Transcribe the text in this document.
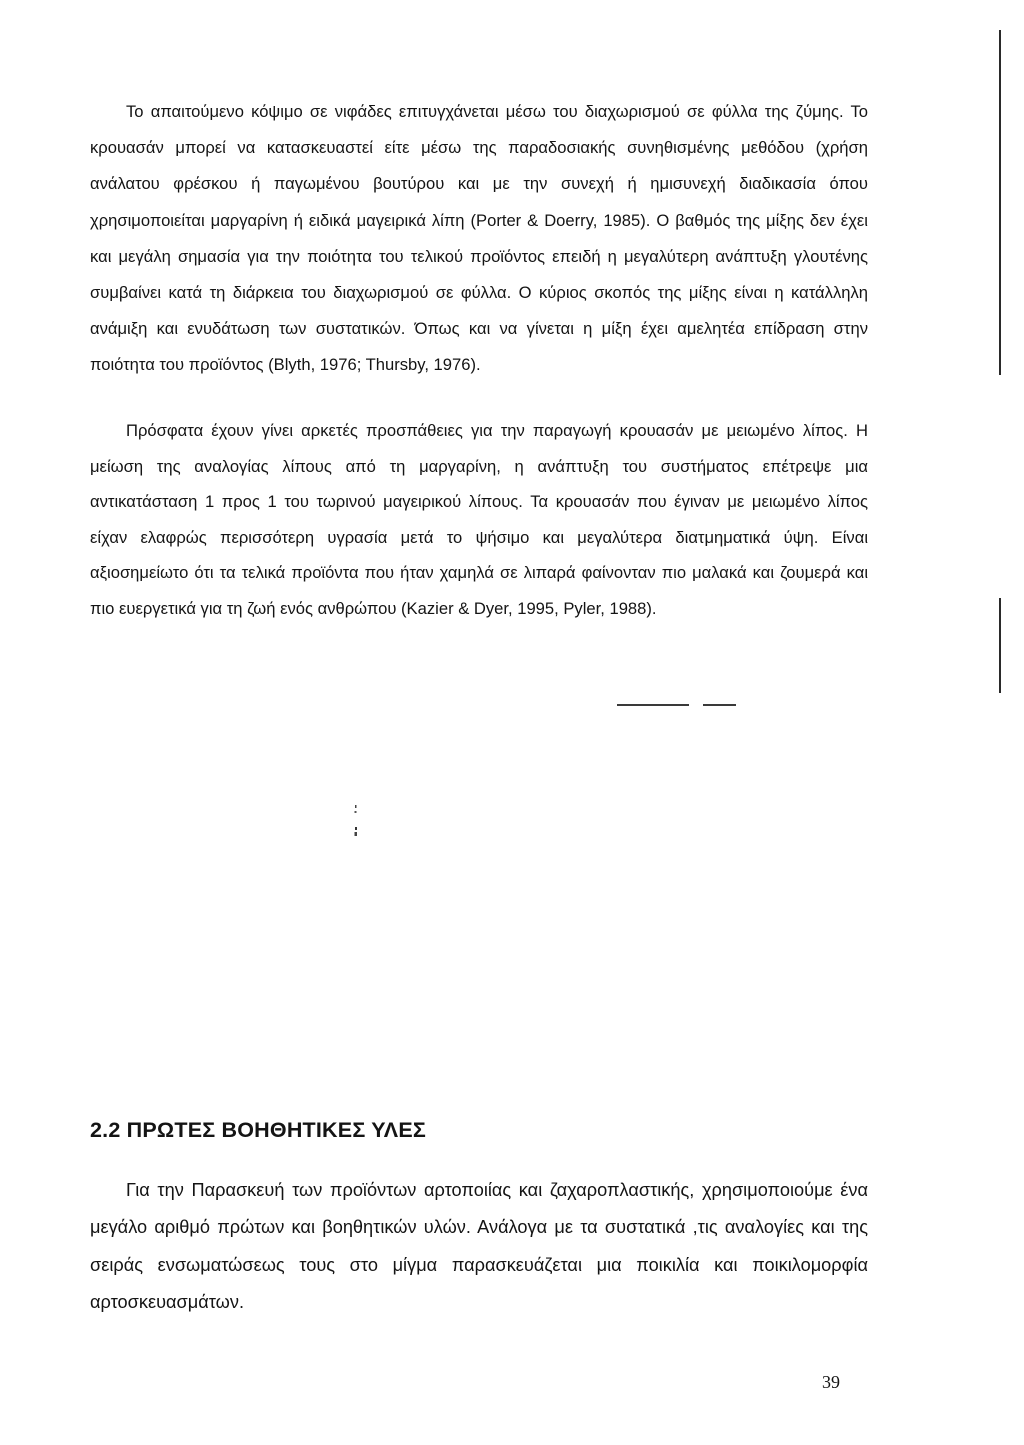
Το απαιτούμενο κόψιμο σε νιφάδες επιτυγχάνεται μέσω του διαχωρισμού σε φύλλα της ζύμης. Το κρουασάν μπορεί να κατασκευαστεί είτε μέσω της παραδοσιακής συνηθισμένης μεθόδου (χρήση ανάλατου φρέσκου ή παγωμένου βουτύρου και με την συνεχή ή ημισυνεχή διαδικασία όπου χρησιμοποιείται μαργαρίνη ή ειδικά μαγειρικά λίπη (Porter & Doerry, 1985). Ο βαθμός της μίξης δεν έχει και μεγάλη σημασία για την ποιότητα του τελικού προϊόντος επειδή η μεγαλύτερη ανάπτυξη γλουτένης συμβαίνει κατά τη διάρκεια του διαχωρισμού σε φύλλα. Ο κύριος σκοπός της μίξης είναι η κατάλληλη ανάμιξη και ενυδάτωση των συστατικών. Όπως και να γίνεται η μίξη έχει αμελητέα επίδραση στην ποιότητα του προϊόντος (Blyth, 1976; Thursby, 1976).

Πρόσφατα έχουν γίνει αρκετές προσπάθειες για την παραγωγή κρουασάν με μειωμένο λίπος. Η μείωση της αναλογίας λίπους από τη μαργαρίνη, η ανάπτυξη του συστήματος επέτρεψε μια αντικατάσταση 1 προς 1 του τωρινού μαγειρικού λίπους. Τα κρουασάν που έγιναν με μειωμένο λίπος είχαν ελαφρώς περισσότερη υγρασία μετά το ψήσιμο και μεγαλύτερα διατμηματικά ύψη. Είναι αξιοσημείωτο ότι τα τελικά προϊόντα που ήταν χαμηλά σε λιπαρά φαίνονταν πιο μαλακά και ζουμερά και πιο ευεργετικά για τη ζωή ενός ανθρώπου (Kazier & Dyer, 1995, Pyler, 1988).

2.2 ΠΡΩΤΕΣ ΒΟΗΘΗΤΙΚΕΣ ΥΛΕΣ

Για την Παρασκευή των προϊόντων αρτοποιίας και ζαχαροπλαστικής, χρησιμοποιούμε ένα μεγάλο αριθμό πρώτων και βοηθητικών υλών. Ανάλογα με τα συστατικά ,τις αναλογίες και της σειράς ενσωματώσεως τους στο μίγμα παρασκευάζεται μια ποικιλία και ποικιλομορφία αρτοσκευασμάτων.

39
